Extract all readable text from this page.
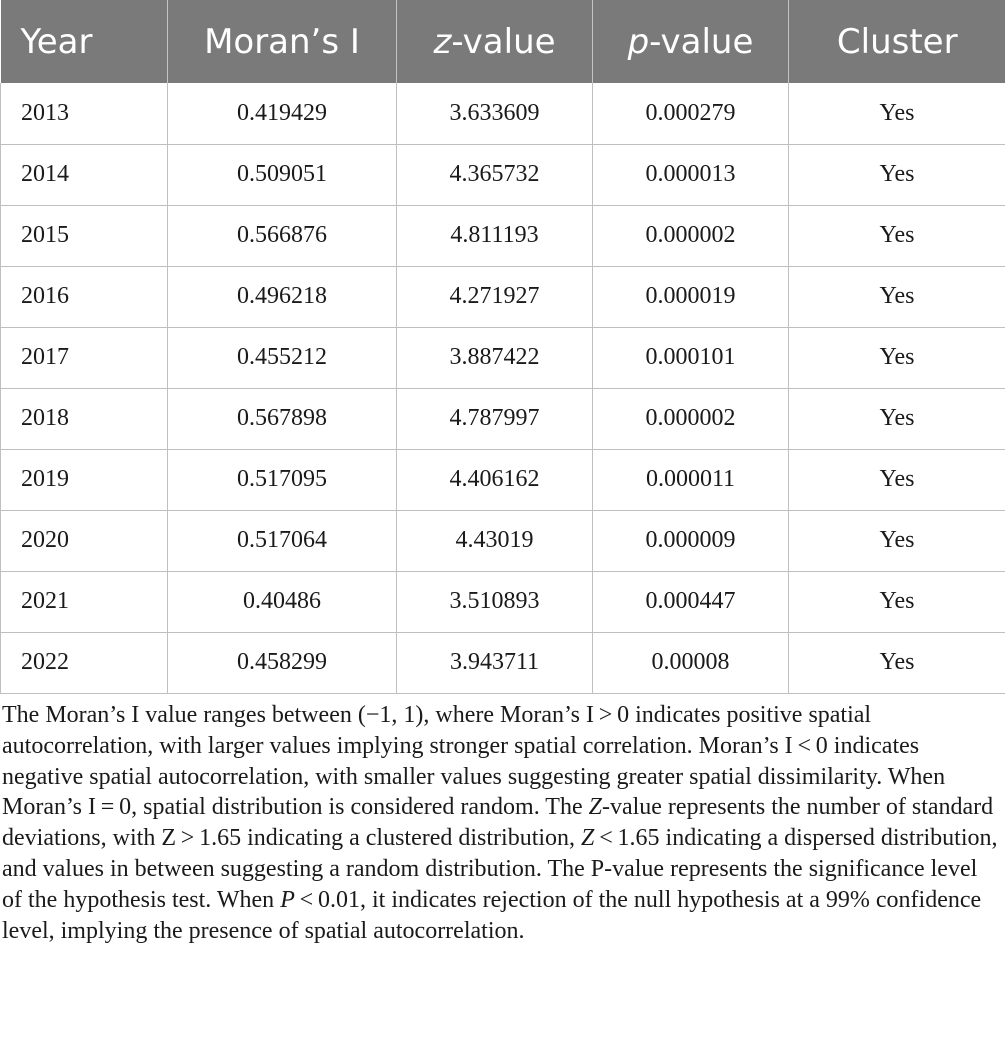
Year	Moran’s I	z-value	p-value	Cluster
2013	0.419429	3.633609	0.000279	Yes
2014	0.509051	4.365732	0.000013	Yes
2015	0.566876	4.811193	0.000002	Yes
2016	0.496218	4.271927	0.000019	Yes
2017	0.455212	3.887422	0.000101	Yes
2018	0.567898	4.787997	0.000002	Yes
2019	0.517095	4.406162	0.000011	Yes
2020	0.517064	4.43019	0.000009	Yes
2021	0.40486	3.510893	0.000447	Yes
2022	0.458299	3.943711	0.00008	Yes

The Moran’s I value ranges between (−1, 1), where Moran’s I > 0 indicates positive spatial autocorrelation, with larger values implying stronger spatial correlation. Moran’s I < 0 indicates negative spatial autocorrelation, with smaller values suggesting greater spatial dissimilarity. When Moran’s I = 0, spatial distribution is considered random. The Z-value represents the number of standard deviations, with Z > 1.65 indicating a clustered distribution, Z < 1.65 indicating a dispersed distribution, and values in between suggesting a random distribution. The P-value represents the significance level of the hypothesis test. When P < 0.01, it indicates rejection of the null hypothesis at a 99% confidence level, implying the presence of spatial autocorrelation.
